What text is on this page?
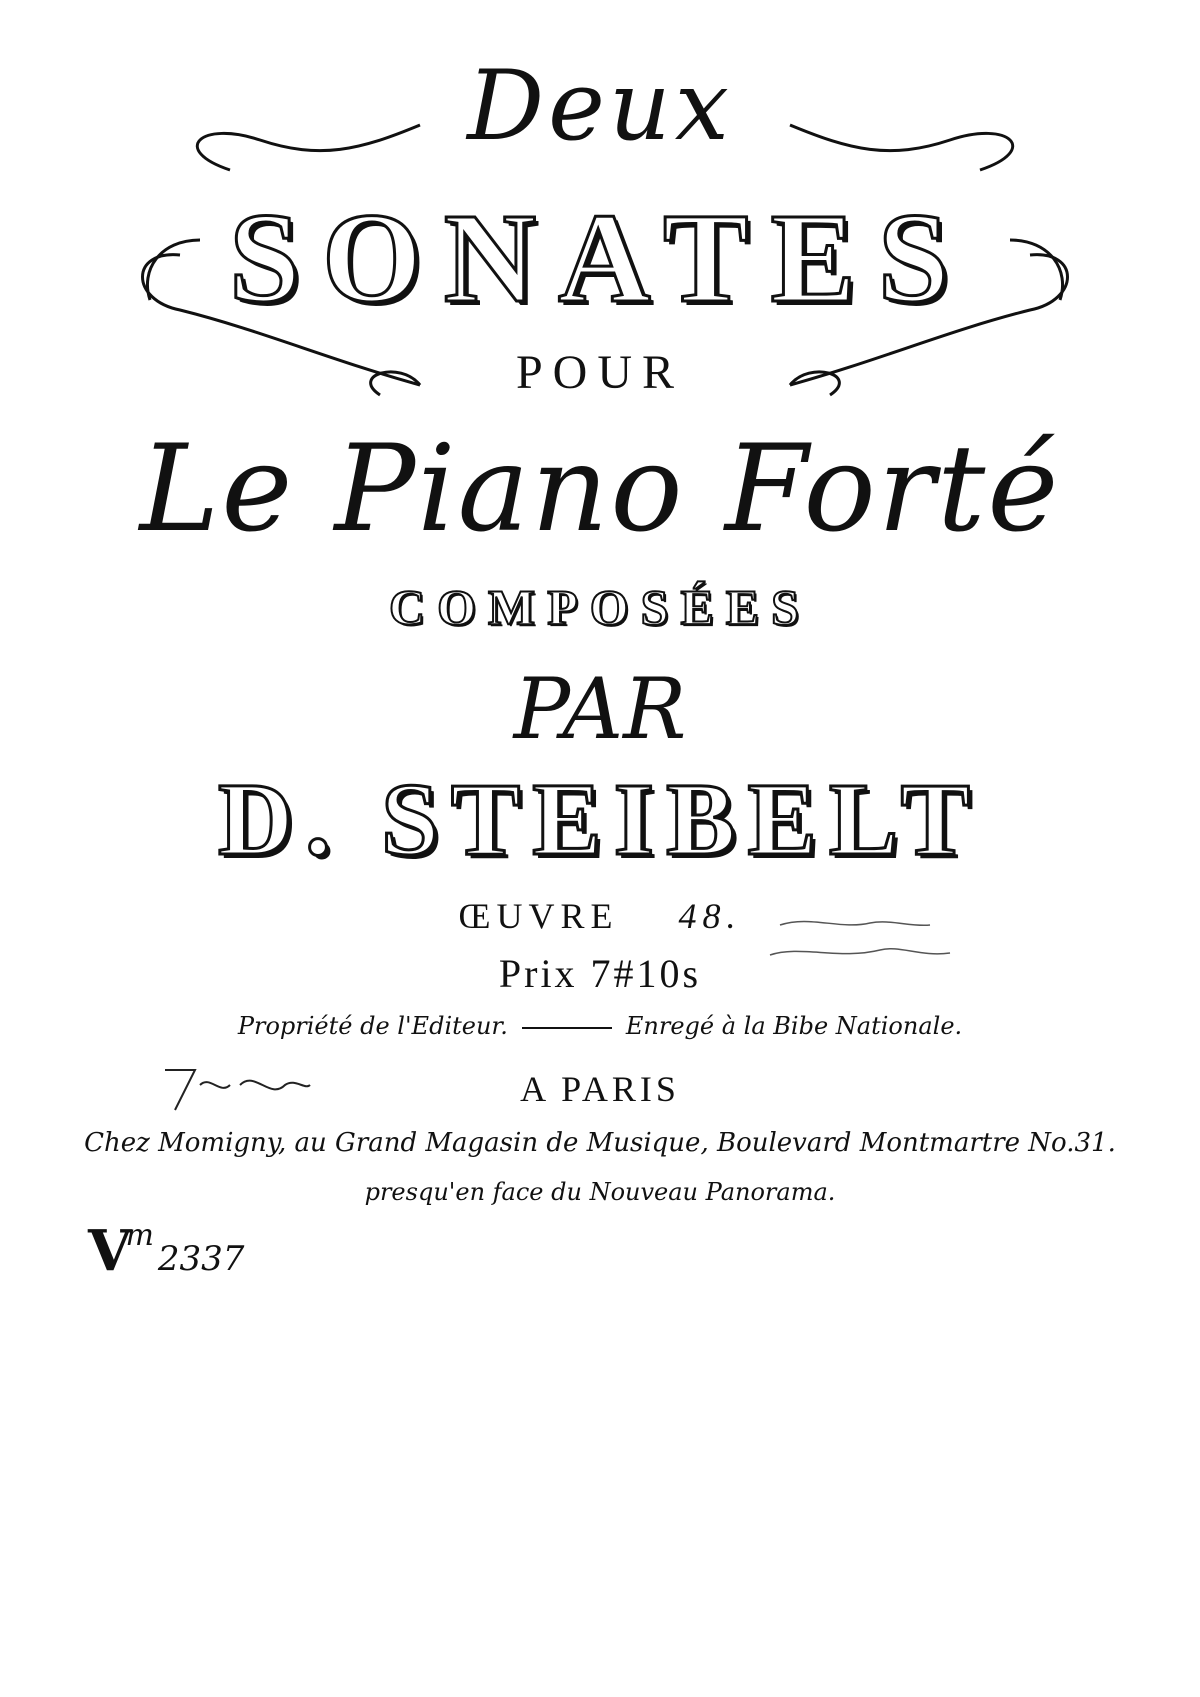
Deux
SONATES
POUR
Le Piano Forté
COMPOSÉES
PAR
D. STEIBELT
ŒUVRE 48.
Prix 7#10s
Propriété de l'Editeur.	Enregé à la Bibe Nationale.
A PARIS
Chez Momigny, au Grand Magasin de Musique, Boulevard Montmartre No.31.
presqu'en face du Nouveau Panorama.
$V^m2337$
